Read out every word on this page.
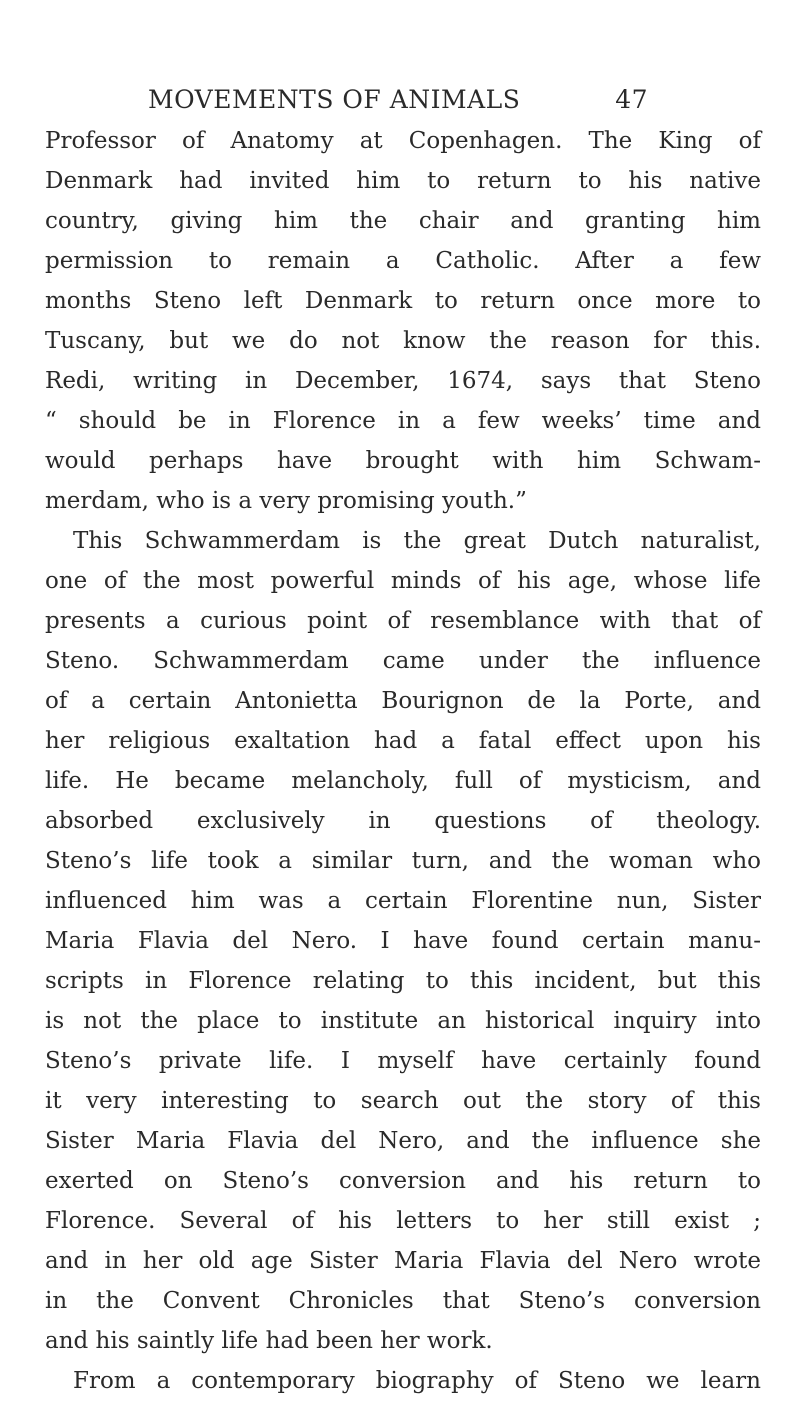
MOVEMENTS OF ANIMALS	47
Professor of Anatomy at Copenhagen. The King of
Denmark had invited him to return to his native
country, giving him the chair and granting him
permission to remain a Catholic. After a few
months Steno left Denmark to return once more to
Tuscany, but we do not know the reason for this.
Redi, writing in December, 1674, says that Steno
“ should be in Florence in a few weeks’ time and
would perhaps have brought with him Schwam-
merdam, who is a very promising youth.”
This Schwammerdam is the great Dutch naturalist,
one of the most powerful minds of his age, whose life
presents a curious point of resemblance with that of
Steno. Schwammerdam came under the influence
of a certain Antonietta Bourignon de la Porte, and
her religious exaltation had a fatal effect upon his
life. He became melancholy, full of mysticism, and
absorbed exclusively in questions of theology.
Steno’s life took a similar turn, and the woman who
influenced him was a certain Florentine nun, Sister
Maria Flavia del Nero. I have found certain manu-
scripts in Florence relating to this incident, but this
is not the place to institute an historical inquiry into
Steno’s private life. I myself have certainly found
it very interesting to search out the story of this
Sister Maria Flavia del Nero, and the influence she
exerted on Steno’s conversion and his return to
Florence. Several of his letters to her still exist ;
and in her old age Sister Maria Flavia del Nero wrote
in the Convent Chronicles that Steno’s conversion
and his saintly life had been her work.
From a contemporary biography of Steno we learn
